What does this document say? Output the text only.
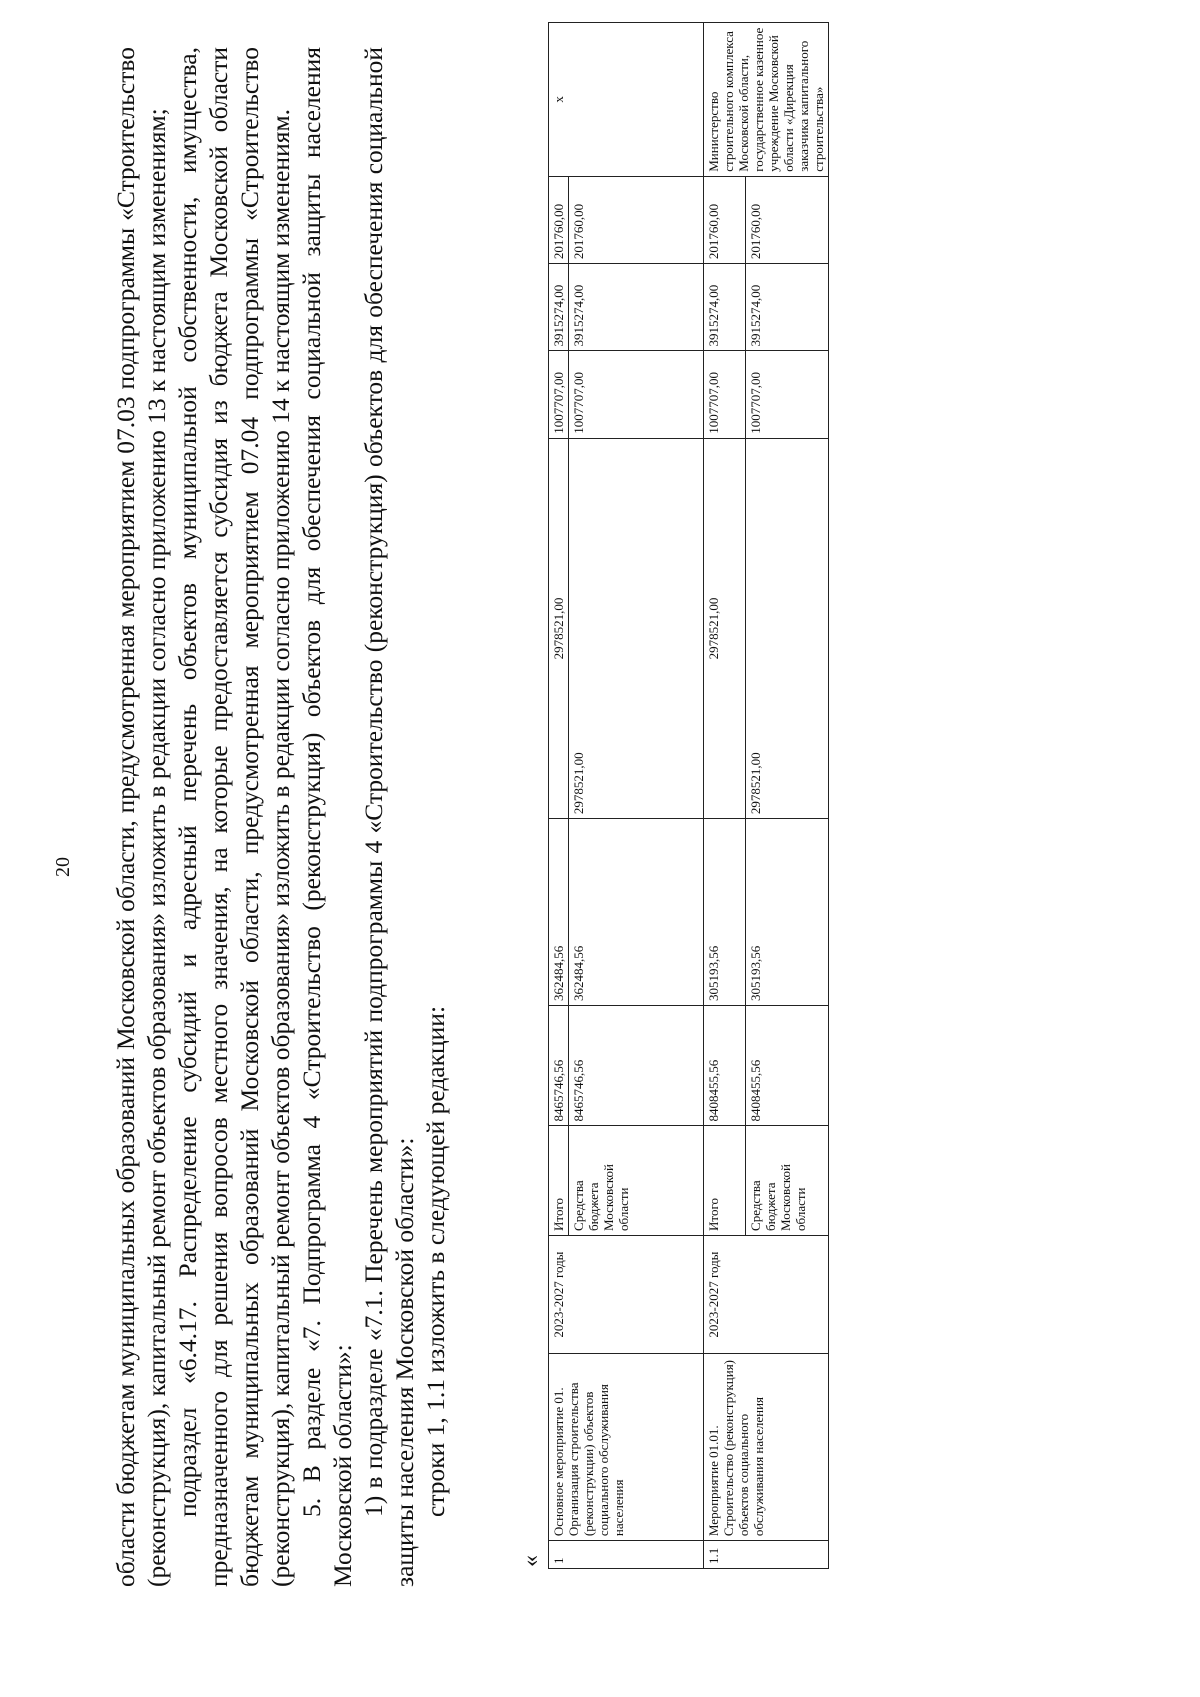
20 области бюджетам муниципальных образований Московской области, предусмотренная мероприятием 07.03 подпрограммы «Строительство (реконструкция), капитальный ремонт объектов образования» изложить в редакции согласно приложению 13 к настоящим изменениям; подраздел «6.4.17. Распределение субсидий и адресный перечень объектов муниципальной собственности, имущества, предназначенного для решения вопросов местного значения, на которые предоставляется субсидия из бюджета Московской области бюджетам муниципальных образований Московской области, предусмотренная мероприятием 07.04 подпрограммы «Строительство (реконструкция), капитальный ремонт объектов образования» изложить в редакции согласно приложению 14 к настоящим изменениям. 5. В разделе «7. Подпрограмма 4 «Строительство (реконструкция) объектов для обеспечения социальной защиты населения Московской области»: 1) в подразделе «7.1. Перечень мероприятий подпрограммы 4 «Строительство (реконструкция) объектов для обеспечения социальной защиты населения Московской области»: строки 1, 1.1 изложить в следующей редакции:

« 1	Основное мероприятие 01. Организация строительства (реконструкции) объектов социального обслуживания населения	2023-2027 годы	Итого	8465746,56	362484,56	2978521,00	1007707,00	3915274,00	201760,00	х
			Средства бюджета Московской области	8465746,56	362484,56	2978521,00	1007707,00	3915274,00	201760,00	
1.1	Мероприятие 01.01. Строительство (реконструкция) объектов социального обслуживания населения	2023-2027 годы	Итого	8408455,56	305193,56	2978521,00	1007707,00	3915274,00	201760,00	Министерство строительного комплекса Московской области, государственное казенное учреждение Московской области «Дирекция заказчика капитального строительства»
			Средства бюджета Московской области	8408455,56	305193,56	2978521,00	1007707,00	3915274,00	201760,00	
